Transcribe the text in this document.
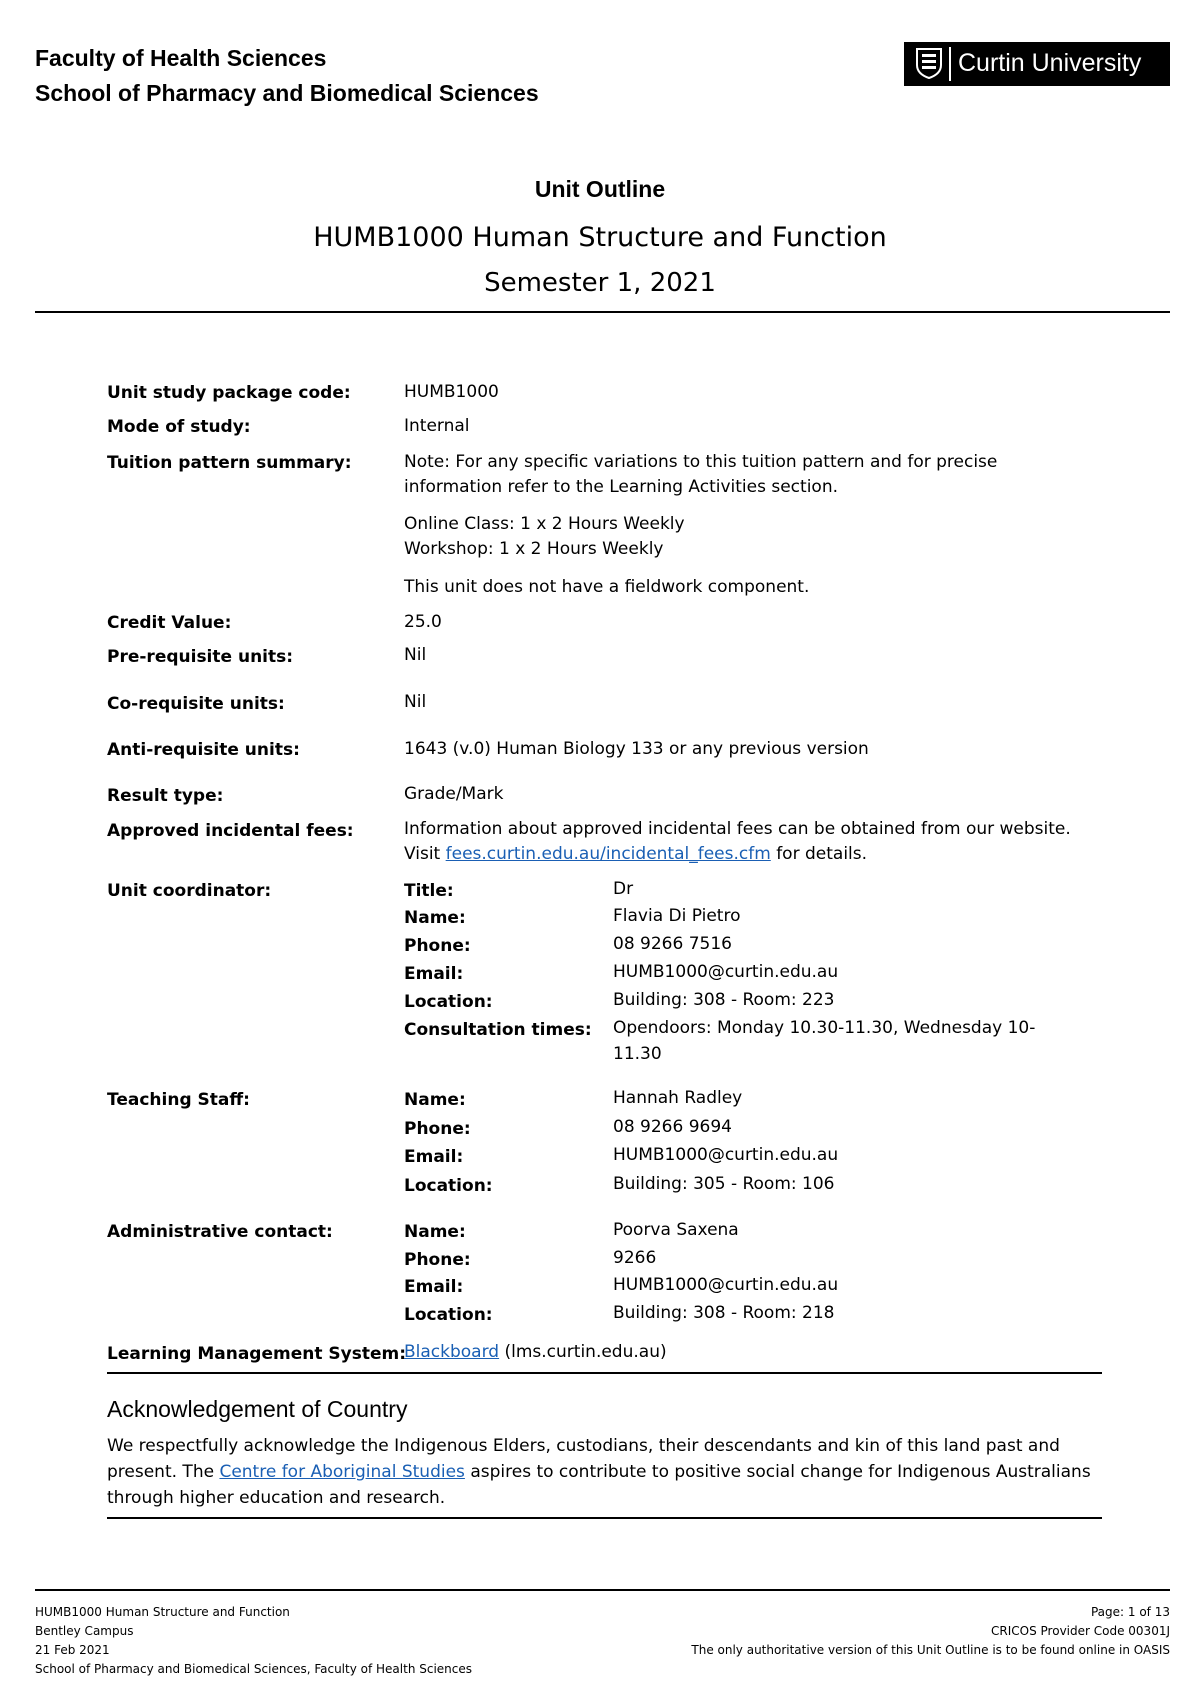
Faculty of Health Sciences
School of Pharmacy and Biomedical Sciences
Curtin University
Unit Outline
HUMB1000 Human Structure and Function
Semester 1, 2021
Unit study package code:	HUMB1000
Mode of study:	Internal
Tuition pattern summary:	Note: For any specific variations to this tuition pattern and for precise
information refer to the Learning Activities section.
Online Class: 1 x 2 Hours Weekly
Workshop: 1 x 2 Hours Weekly
This unit does not have a fieldwork component.
Credit Value:	25.0
Pre-requisite units:	Nil
Co-requisite units:	Nil
Anti-requisite units:	1643 (v.0) Human Biology 133 or any previous version
Result type:	Grade/Mark
Approved incidental fees:	Information about approved incidental fees can be obtained from our website.
Visit fees.curtin.edu.au/incidental_fees.cfm for details.
Unit coordinator:	Title:	Dr
Name:	Flavia Di Pietro
Phone:	08 9266 7516
Email:	HUMB1000@curtin.edu.au
Location:	Building: 308 - Room: 223
Consultation times: Opendoors: Monday 10.30-11.30, Wednesday 10-
11.30
Teaching Staff:	Name:	Hannah Radley
Phone:	08 9266 9694
Email:	HUMB1000@curtin.edu.au
Location:	Building: 305 - Room: 106
Administrative contact:	Name:	Poorva Saxena
Phone:	9266
Email:	HUMB1000@curtin.edu.au
Location:	Building: 308 - Room: 218
Learning Management System:
Blackboard (lms.curtin.edu.au)
Acknowledgement of Country
We respectfully acknowledge the Indigenous Elders, custodians, their descendants and kin of this land past and present. The Centre for Aboriginal Studies aspires to contribute to positive social change for Indigenous Australians through higher education and research.
HUMB1000 Human Structure and Function
Bentley Campus
21 Feb 2021
School of Pharmacy and Biomedical Sciences, Faculty of Health Sciences
Page: 1 of 13
CRICOS Provider Code 00301J
The only authoritative version of this Unit Outline is to be found online in OASIS
